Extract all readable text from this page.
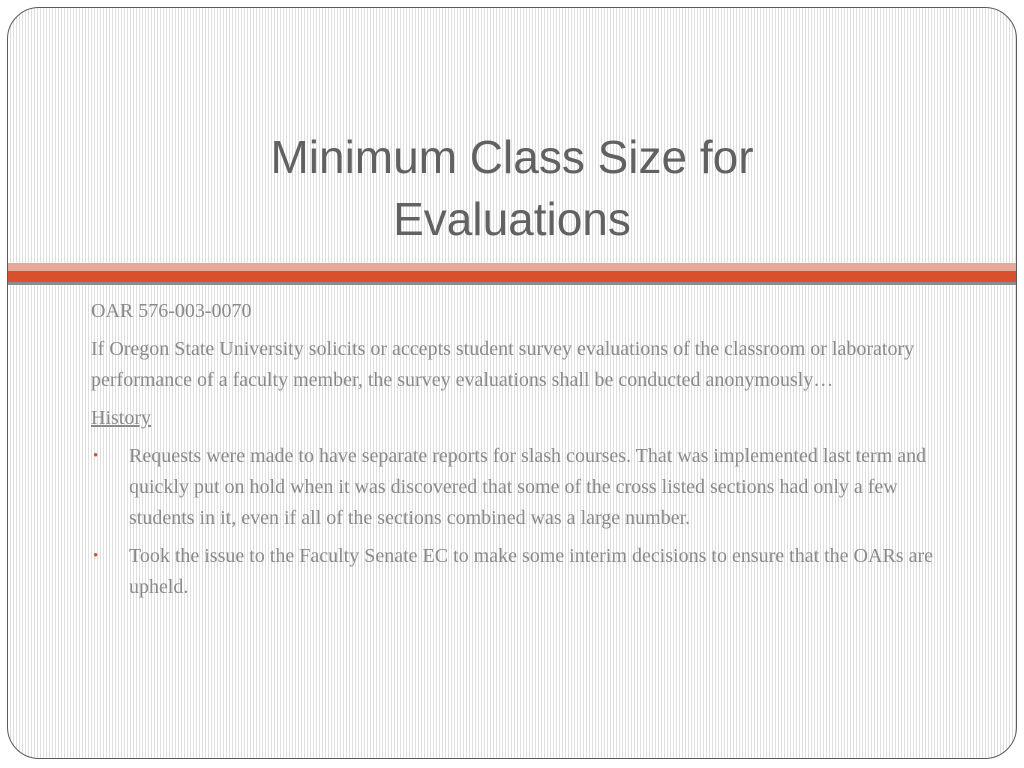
Minimum Class Size for
Evaluations

OAR 576-003-0070

If Oregon State University solicits or accepts student survey evaluations of the classroom or laboratory performance of a faculty member, the survey evaluations shall be conducted anonymously…

History

• Requests were made to have separate reports for slash courses. That was implemented last term and quickly put on hold when it was discovered that some of the cross listed sections had only a few students in it, even if all of the sections combined was a large number.
• Took the issue to the Faculty Senate EC to make some interim decisions to ensure that the OARs are upheld.
